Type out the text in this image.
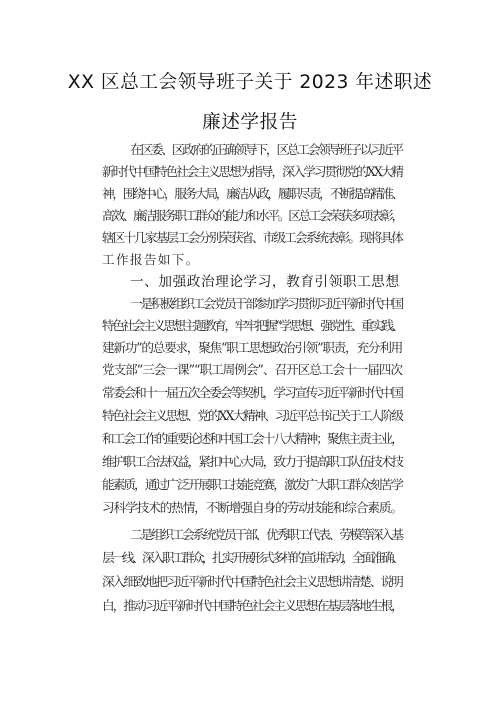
XX 区总工会领导班子关于 2023 年述职述
廉述学报告
在区委、区政府的正确领导下，区总工会领导班子以习近平
新时代中国特色社会主义思想为指导，深入学习贯彻党的XX大精
神，围绕中心，服务大局，廉洁从政，履职尽责，不断提高精准、
高效、廉洁服务职工群众的能力和水平。区总工会荣获多项表彰，
辖区十几家基层工会分别荣获省、市级工会系统表彰。现将具体
工作报告如下。
一、加强政治理论学习，教育引领职工思想
一是积极组织工会党员干部参加学习贯彻习近平新时代中国
特色社会主义思想主题教育，牢牢把握“学思想、强党性、重实践、
建新功”的总要求，聚焦“职工思想政治引领”职责，充分利用
党支部“三会一课”“职工周例会”、召开区总工会十一届四次
常委会和十一届五次全委会等契机，学习宣传习近平新时代中国
特色社会主义思想、党的XX大精神、习近平总书记关于工人阶级
和工会工作的重要论述和中国工会十八大精神；聚焦主责主业，
维护职工合法权益，紧扣中心大局，致力于提高职工队伍技术技
能素质，通过广泛开展职工技能竞赛，激发广大职工群众刻苦学
习科学技术的热情，不断增强自身的劳动技能和综合素质。
二是组织工会系统党员干部、优秀职工代表、劳模等深入基
层一线、深入职工群众，扎实开展形式多样的宣讲活动，全面准确、
深入细致地把习近平新时代中国特色社会主义思想讲清楚、说明
白，推动习近平新时代中国特色社会主义思想在基层落地生根，
